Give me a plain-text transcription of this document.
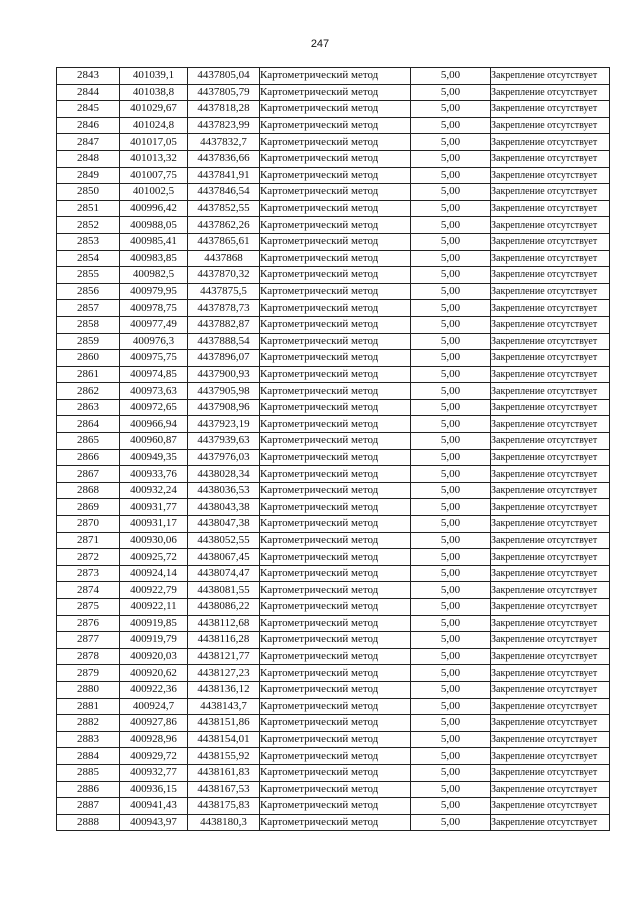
247
2843	401039,1	4437805,04	Картометрический метод	5,00	Закрепление отсутствует
2844	401038,8	4437805,79	Картометрический метод	5,00	Закрепление отсутствует
2845	401029,67	4437818,28	Картометрический метод	5,00	Закрепление отсутствует
2846	401024,8	4437823,99	Картометрический метод	5,00	Закрепление отсутствует
2847	401017,05	4437832,7	Картометрический метод	5,00	Закрепление отсутствует
2848	401013,32	4437836,66	Картометрический метод	5,00	Закрепление отсутствует
2849	401007,75	4437841,91	Картометрический метод	5,00	Закрепление отсутствует
2850	401002,5	4437846,54	Картометрический метод	5,00	Закрепление отсутствует
2851	400996,42	4437852,55	Картометрический метод	5,00	Закрепление отсутствует
2852	400988,05	4437862,26	Картометрический метод	5,00	Закрепление отсутствует
2853	400985,41	4437865,61	Картометрический метод	5,00	Закрепление отсутствует
2854	400983,85	4437868	Картометрический метод	5,00	Закрепление отсутствует
2855	400982,5	4437870,32	Картометрический метод	5,00	Закрепление отсутствует
2856	400979,95	4437875,5	Картометрический метод	5,00	Закрепление отсутствует
2857	400978,75	4437878,73	Картометрический метод	5,00	Закрепление отсутствует
2858	400977,49	4437882,87	Картометрический метод	5,00	Закрепление отсутствует
2859	400976,3	4437888,54	Картометрический метод	5,00	Закрепление отсутствует
2860	400975,75	4437896,07	Картометрический метод	5,00	Закрепление отсутствует
2861	400974,85	4437900,93	Картометрический метод	5,00	Закрепление отсутствует
2862	400973,63	4437905,98	Картометрический метод	5,00	Закрепление отсутствует
2863	400972,65	4437908,96	Картометрический метод	5,00	Закрепление отсутствует
2864	400966,94	4437923,19	Картометрический метод	5,00	Закрепление отсутствует
2865	400960,87	4437939,63	Картометрический метод	5,00	Закрепление отсутствует
2866	400949,35	4437976,03	Картометрический метод	5,00	Закрепление отсутствует
2867	400933,76	4438028,34	Картометрический метод	5,00	Закрепление отсутствует
2868	400932,24	4438036,53	Картометрический метод	5,00	Закрепление отсутствует
2869	400931,77	4438043,38	Картометрический метод	5,00	Закрепление отсутствует
2870	400931,17	4438047,38	Картометрический метод	5,00	Закрепление отсутствует
2871	400930,06	4438052,55	Картометрический метод	5,00	Закрепление отсутствует
2872	400925,72	4438067,45	Картометрический метод	5,00	Закрепление отсутствует
2873	400924,14	4438074,47	Картометрический метод	5,00	Закрепление отсутствует
2874	400922,79	4438081,55	Картометрический метод	5,00	Закрепление отсутствует
2875	400922,11	4438086,22	Картометрический метод	5,00	Закрепление отсутствует
2876	400919,85	4438112,68	Картометрический метод	5,00	Закрепление отсутствует
2877	400919,79	4438116,28	Картометрический метод	5,00	Закрепление отсутствует
2878	400920,03	4438121,77	Картометрический метод	5,00	Закрепление отсутствует
2879	400920,62	4438127,23	Картометрический метод	5,00	Закрепление отсутствует
2880	400922,36	4438136,12	Картометрический метод	5,00	Закрепление отсутствует
2881	400924,7	4438143,7	Картометрический метод	5,00	Закрепление отсутствует
2882	400927,86	4438151,86	Картометрический метод	5,00	Закрепление отсутствует
2883	400928,96	4438154,01	Картометрический метод	5,00	Закрепление отсутствует
2884	400929,72	4438155,92	Картометрический метод	5,00	Закрепление отсутствует
2885	400932,77	4438161,83	Картометрический метод	5,00	Закрепление отсутствует
2886	400936,15	4438167,53	Картометрический метод	5,00	Закрепление отсутствует
2887	400941,43	4438175,83	Картометрический метод	5,00	Закрепление отсутствует
2888	400943,97	4438180,3	Картометрический метод	5,00	Закрепление отсутствует
